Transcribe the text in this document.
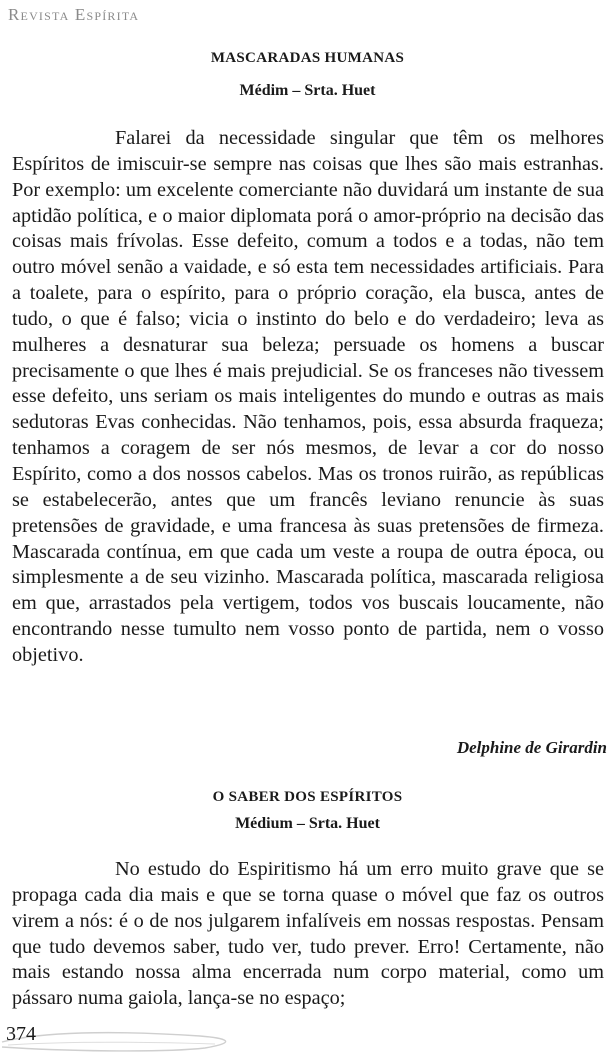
Revista Espírita
MASCARADAS HUMANAS
Médim – Srta. Huet

Falarei da necessidade singular que têm os melhores Espíritos de imiscuir-se sempre nas coisas que lhes são mais estranhas. Por exemplo: um excelente comerciante não duvidará um instante de sua aptidão política, e o maior diplomata porá o amor-próprio na decisão das coisas mais frívolas. Esse defeito, comum a todos e a todas, não tem outro móvel senão a vaidade, e só esta tem necessidades artificiais. Para a toalete, para o espírito, para o próprio coração, ela busca, antes de tudo, o que é falso; vicia o instinto do belo e do verdadeiro; leva as mulheres a desnaturar sua beleza; persuade os homens a buscar precisamente o que lhes é mais prejudicial. Se os franceses não tivessem esse defeito, uns seriam os mais inteligentes do mundo e outras as mais sedutoras Evas conhecidas. Não tenhamos, pois, essa absurda fraqueza; tenhamos a coragem de ser nós mesmos, de levar a cor do nosso Espírito, como a dos nossos cabelos. Mas os tronos ruirão, as repúblicas se estabelecerão, antes que um francês leviano renuncie às suas pretensões de gravidade, e uma francesa às suas pretensões de firmeza. Mascarada contínua, em que cada um veste a roupa de outra época, ou simplesmente a de seu vizinho. Mascarada política, mascarada religiosa em que, arrastados pela vertigem, todos vos buscais loucamente, não encontrando nesse tumulto nem vosso ponto de partida, nem o vosso objetivo.

Delphine de Girardin
O SABER DOS ESPÍRITOS
Médium – Srta. Huet

No estudo do Espiritismo há um erro muito grave que se propaga cada dia mais e que se torna quase o móvel que faz os outros virem a nós: é o de nos julgarem infalíveis em nossas respostas. Pensam que tudo devemos saber, tudo ver, tudo prever. Erro! Certamente, não mais estando nossa alma encerrada num corpo material, como um pássaro numa gaiola, lança-se no espaço;

374
